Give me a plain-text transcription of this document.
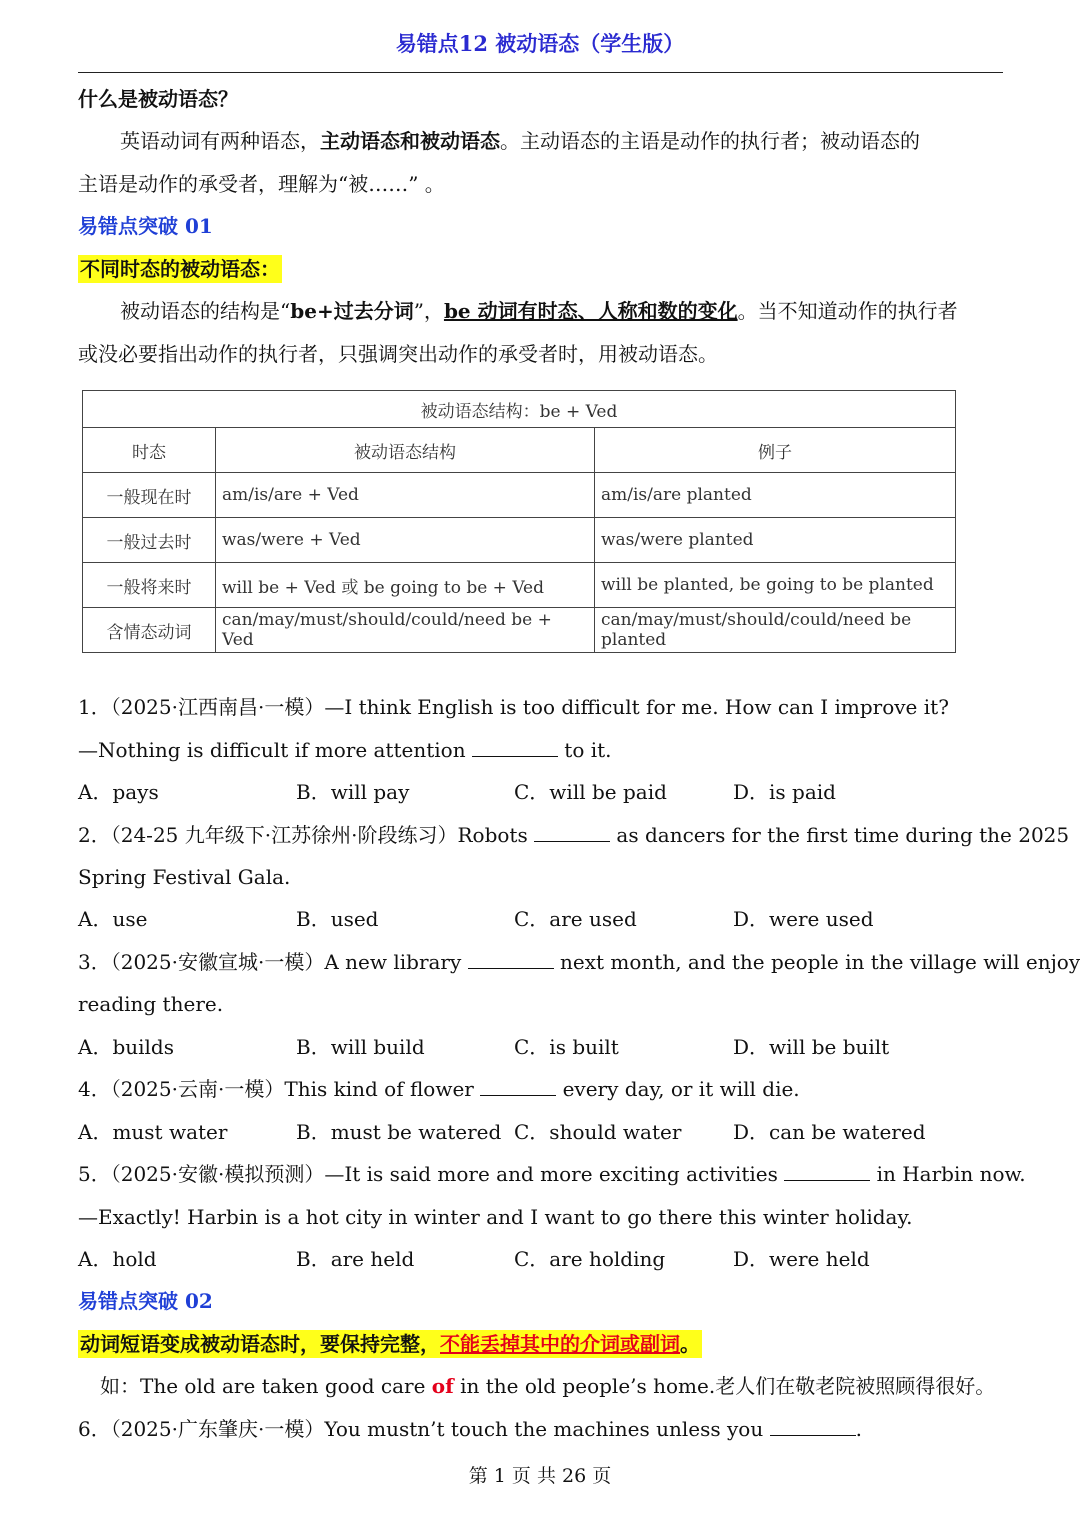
易错点12 被动语态（学生版）
什么是被动语态？
英语动词有两种语态，主动语态和被动语态。主动语态的主语是动作的执行者；被动语态的
主语是动作的承受者，理解为“被……” 。
易错点突破 01
不同时态的被动语态：
被动语态的结构是“be+过去分词”，be 动词有时态、人称和数的变化。当不知道动作的执行者
或没必要指出动作的执行者，只强调突出动作的承受者时，用被动语态。
被动语态结构：be + Ved		
时态	被动语态结构	例子
一般现在时	am/is/are + Ved	am/is/are planted
一般过去时	was/were + Ved	was/were planted
一般将来时	will be + Ved 或 be going to be + Ved	will be planted, be going to be planted
含情态动词	can/may/must/should/could/need be + Ved	can/may/must/should/could/need be planted
1．（2025·江西南昌·一模）—I think English is too difficult for me. How can I improve it?
—Nothing is difficult if more attention	to it.
A．pays	B．will pay	C．will be paid	D．is paid
2．（24-25 九年级下·江苏徐州·阶段练习）Robots	as dancers for the first time during the 2025
Spring Festival Gala.
A．use	B．used	C．are used	D．were used
3．（2025·安徽宣城·一模）A new library	next month, and the people in the village will enjoy
reading there.
A．builds	B．will build	C．is built	D．will be built
4．（2025·云南·一模）This kind of flower	every day, or it will die.
A．must water	B．must be watered C．should water	D．can be watered
5．（2025·安徽·模拟预测）—It is said more and more exciting activities	in Harbin now.
—Exactly! Harbin is a hot city in winter and I want to go there this winter holiday.
A．hold	B．are held	C．are holding	D．were held
易错点突破 02
动词短语变成被动语态时，要保持完整，不能丢掉其中的介词或副词。
如：The old are taken good care of in the old people’s home.老人们在敬老院被照顾得很好。
6．（2025·广东肇庆·一模）You mustn’t touch the machines unless you	.
第 1 页 共 26 页
